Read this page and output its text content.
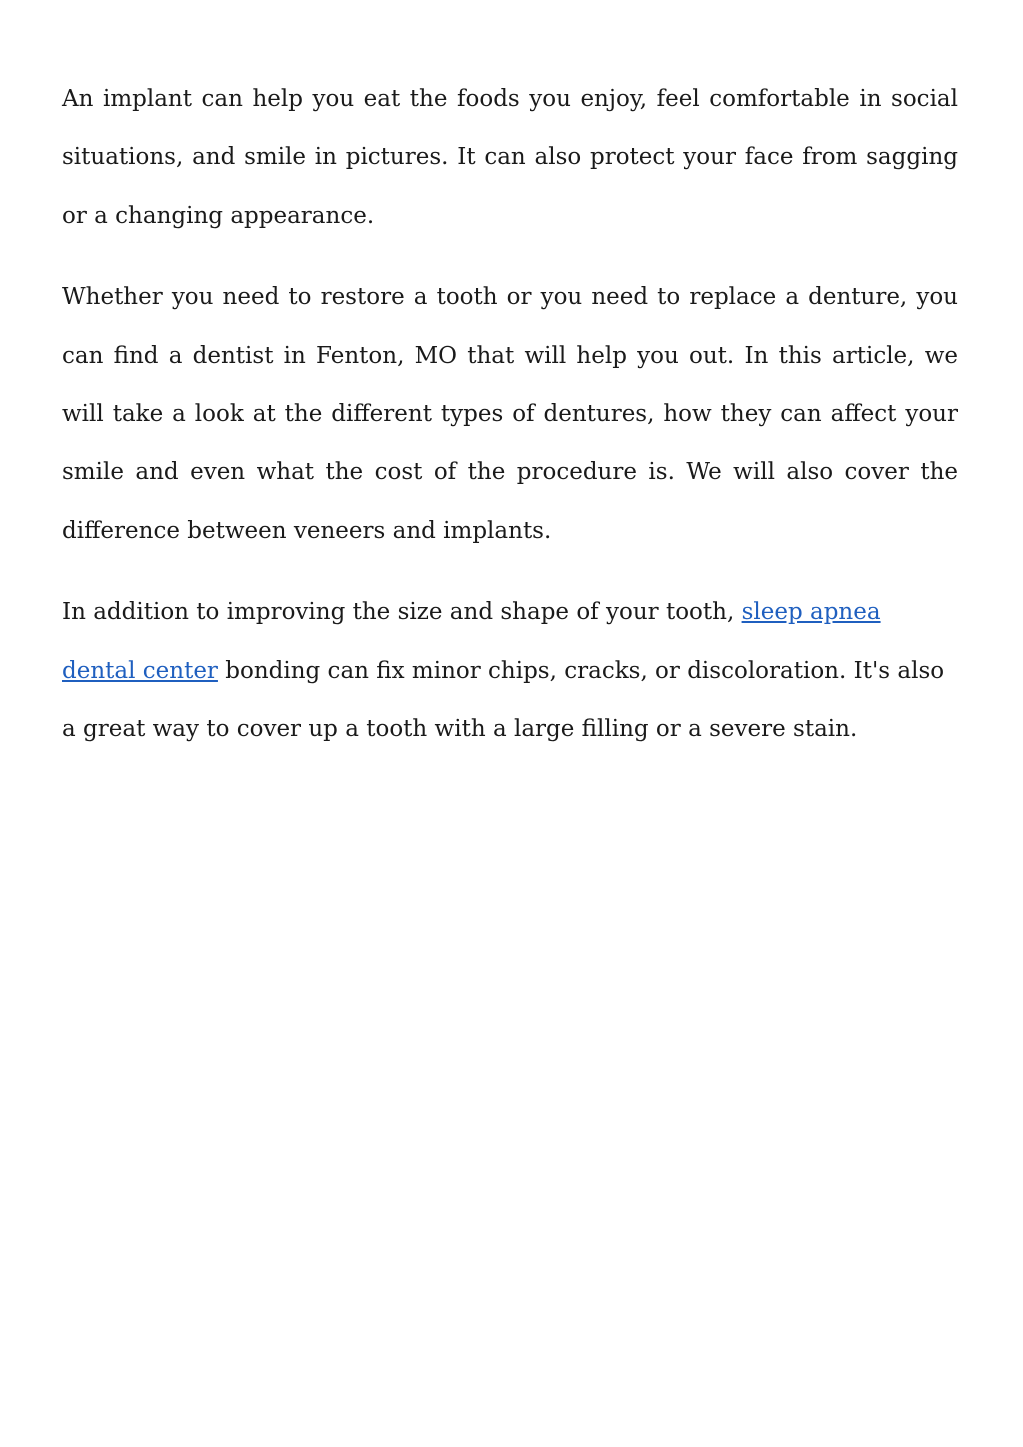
An implant can help you eat the foods you enjoy, feel comfortable in social situations, and smile in pictures. It can also protect your face from sagging or a changing appearance.

Whether you need to restore a tooth or you need to replace a denture, you can find a dentist in Fenton, MO that will help you out. In this article, we will take a look at the different types of dentures, how they can affect your smile and even what the cost of the procedure is. We will also cover the difference between veneers and implants.

In addition to improving the size and shape of your tooth, sleep apnea dental center bonding can fix minor chips, cracks, or discoloration. It's also a great way to cover up a tooth with a large filling or a severe stain.
